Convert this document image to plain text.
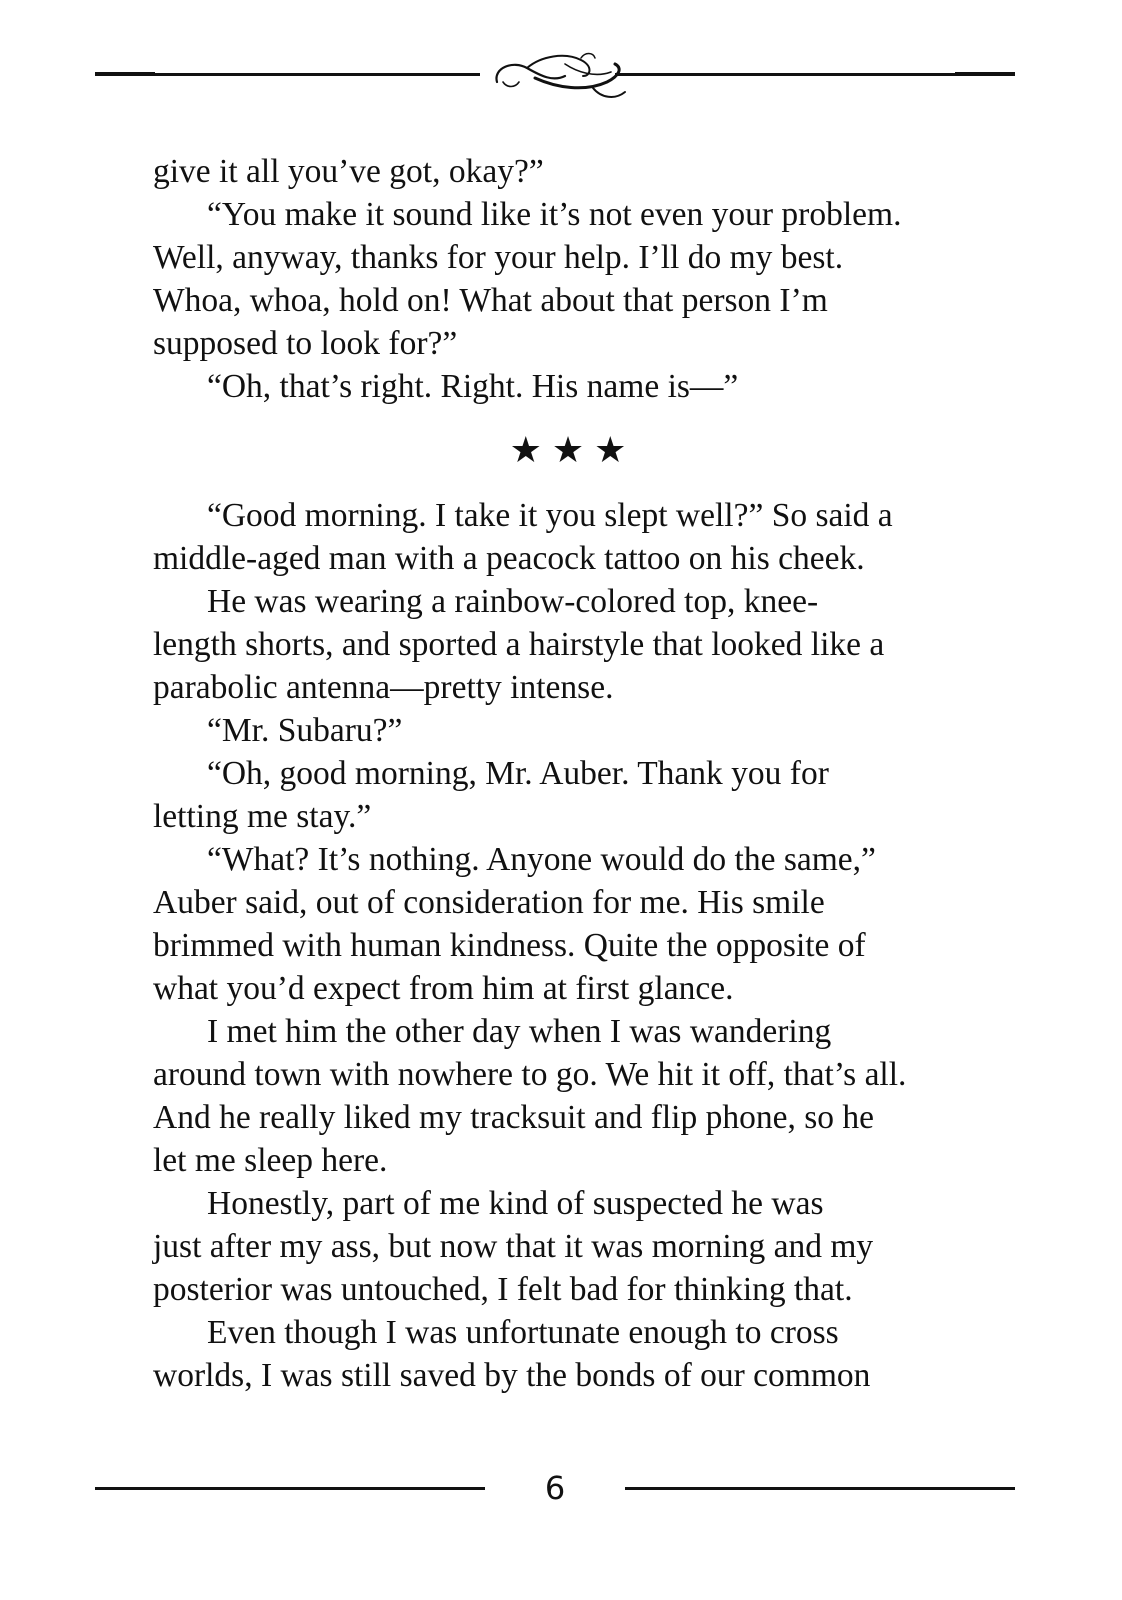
give it all you’ve got, okay?”
“You make it sound like it’s not even your problem.
Well, anyway, thanks for your help. I’ll do my best.
Whoa, whoa, hold on! What about that person I’m
supposed to look for?”
“Oh, that’s right. Right. His name is—”
★★★
“Good morning. I take it you slept well?” So said a
middle-aged man with a peacock tattoo on his cheek.
He was wearing a rainbow-colored top, knee-
length shorts, and sported a hairstyle that looked like a
parabolic antenna—pretty intense.
“Mr. Subaru?”
“Oh, good morning, Mr. Auber. Thank you for
letting me stay.”
“What? It’s nothing. Anyone would do the same,”
Auber said, out of consideration for me. His smile
brimmed with human kindness. Quite the opposite of
what you’d expect from him at first glance.
I met him the other day when I was wandering
around town with nowhere to go. We hit it off, that’s all.
And he really liked my tracksuit and flip phone, so he
let me sleep here.
Honestly, part of me kind of suspected he was
just after my ass, but now that it was morning and my
posterior was untouched, I felt bad for thinking that.
Even though I was unfortunate enough to cross
worlds, I was still saved by the bonds of our common
6
